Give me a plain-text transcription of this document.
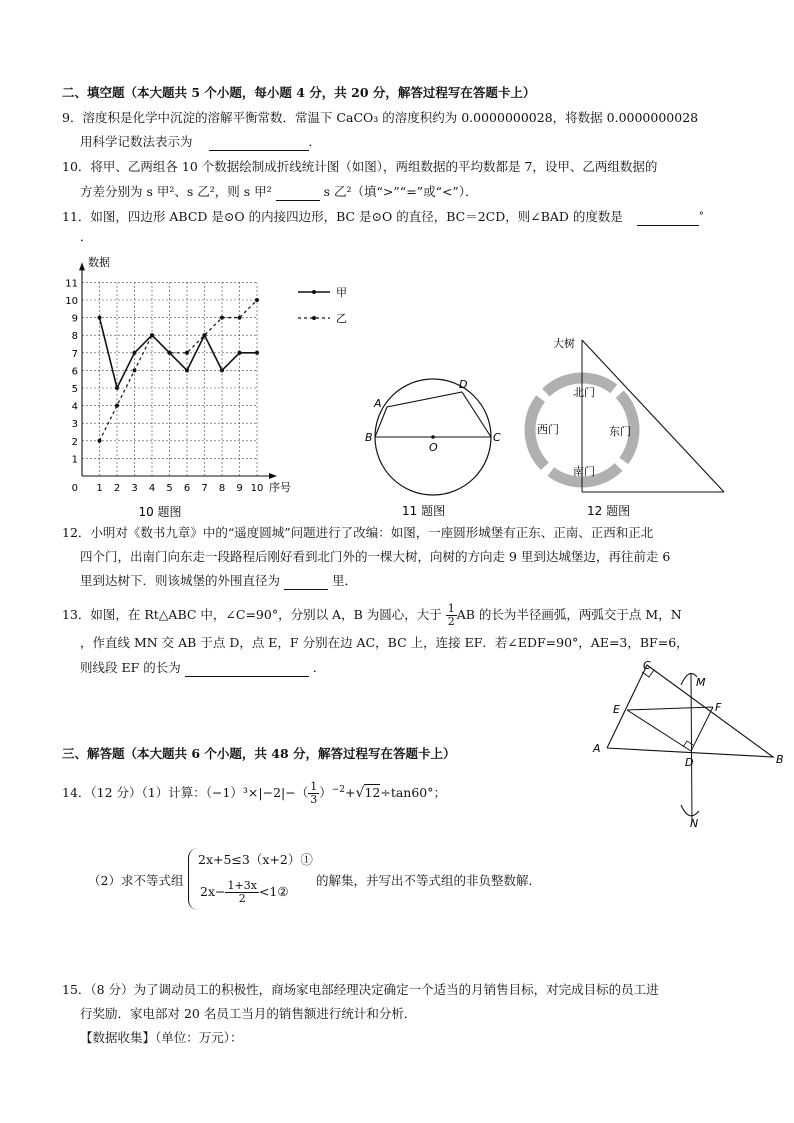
二、填空题（本大题共 5 个小题，每小题 4 分，共 20 分，解答过程写在答题卡上）
9．溶度积是化学中沉淀的溶解平衡常数．常温下 CaCO₃ 的溶度积约为 0.0000000028，将数据 0.0000000028
用科学记数法表示为	．
10．将甲、乙两组各 10 个数据绘制成折线统计图（如图），两组数据的平均数都是 7，设甲、乙两组数据的
方差分别为 s 甲²、s 乙²，则 s 甲²	s 乙²（填“>”“=”或“<”）．
11．如图，四边形 ABCD 是⊙O 的内接四边形，BC 是⊙O 的直径，BC＝2CD，则∠BAD 的度数是	°
．
1
2
3
4
5
6
7
8
9
10
11
1 2 3 4 5 6 7 8 9 10
0
数据
序号
10 题图
甲
乙
A
B	C
D
O
11 题图
大树
北门
南门
东门
西门
12 题图
12．小明对《数书九章》中的“遥度圆城”问题进行了改编：如图，一座圆形城堡有正东、正南、正西和正北
四个门，出南门向东走一段路程后刚好看到北门外的一棵大树，向树的方向走 9 里到达城堡边，再往前走 6
里到达树下．则该城堡的外围直径为	里．
13．如图，在 Rt△ABC 中，∠C=90°，分别以 A，B 为圆心，大于 $\frac{1}{2}$ AB 的长为半径画弧，两弧交于点 M，N
，作直线 MN 交 AB 于点 D，点 E，F 分别在边 AC，BC 上，连接 EF．若∠EDF=90°，AE=3，BF=6，
则线段 EF 的长为	．
A
B
C
D
E	F
M
N
三、解答题（本大题共 6 个小题，共 48 分，解答过程写在答题卡上）
14．（12 分）（1）计算：$(-1)^3\times|-2|-( \frac{1}{3} )^{-2}+√12\div\tan 60^\circ$；
（2）求不等式组
2x+5≤3（x+2）①
$2x- \frac{1+3x}{2}$ <1②
的解集，并写出不等式组的非负整数解．
15．（8 分）为了调动员工的积极性，商场家电部经理决定确定一个适当的月销售目标，对完成目标的员工进
行奖励．家电部对 20 名员工当月的销售额进行统计和分析．
【数据收集】（单位：万元）：
